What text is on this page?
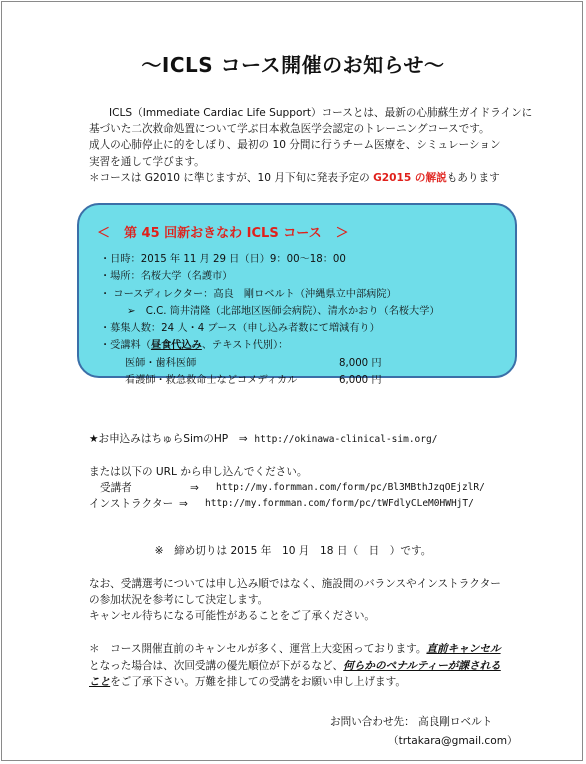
～ICLS コース開催のお知らせ～
ICLS（Immediate Cardiac Life Support）コースとは、最新の心肺蘇生ガイドラインに
基づいた二次救命処置について学ぶ日本救急医学会認定のトレーニングコースです。
成人の心肺停止に的をしぼり、最初の 10 分間に行うチーム医療を、シミュレーション
実習を通して学びます。
＊コースは G2010 に準じますが、10 月下旬に発表予定の G2015 の解説もあります
＜ 第 45 回新おきなわ ICLS コース ＞
・日時：2015 年 11 月 29 日（日）9：00～18：00
・場所：名桜大学（名護市）
・ コースディレクター：高良　剛ロベルト（沖縄県立中部病院）
➢　C.C. 筒井清隆（北部地区医師会病院）、清水かおり（名桜大学）
・募集人数：24 人・4 ブース（申し込み者数にて増減有り）
・受講料（昼食代込み、テキスト代別）：
医師・歯科医師	8,000 円
看護師・救急救命士などコメディカル	6,000 円
★お申込みはちゅらSimのHP　⇒ http://okinawa-clinical-sim.org/
または以下の URL から申し込んでください。
受講者	⇒	http://my.formman.com/form/pc/Bl3MBthJzqOEjzlR/
インストラクター ⇒	http://my.formman.com/form/pc/tWFdlyCLeM0HWHjT/
※　締め切りは 2015 年　10 月　18 日（　日　）です。
なお、受講選考については申し込み順ではなく、施設間のバランスやインストラクター
の参加状況を参考にして決定します。
キャンセル待ちになる可能性があることをご了承ください。
＊　コース開催直前のキャンセルが多く、運営上大変困っております。直前キャンセルとなった場合は、次回受講の優先順位が下がるなど、何らかのペナルティーが課されることをご了承下さい。万難を排しての受講をお願い申し上げます。
お問い合わせ先： 高良剛ロベルト
（trtakara@gmail.com）
